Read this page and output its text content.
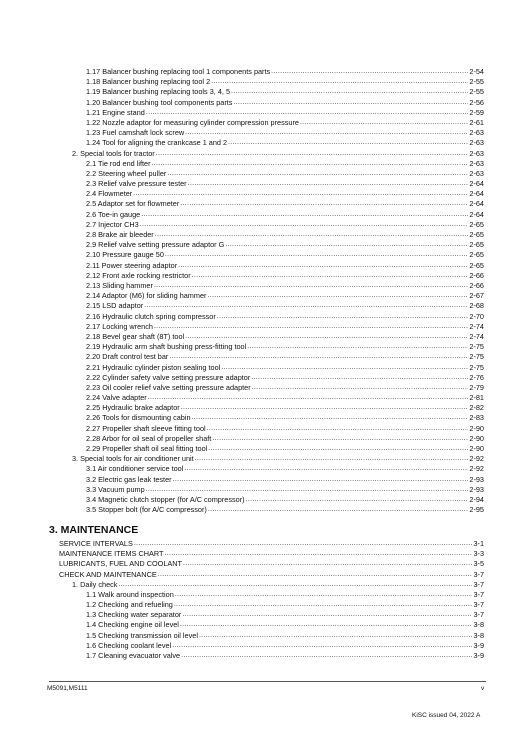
1.17 Balancer bushing replacing tool 1 components parts .....	2-54
1.18 Balancer bushing replacing tool 2 .....	2-55
1.19 Balancer bushing replacing tools 3, 4, 5 .....	2-55
1.20 Balancer bushing tool components parts .....	2-56
1.21 Engine stand .....	2-59
1.22 Nozzle adaptor for measuring cylinder compression pressure .....	2-61
1.23 Fuel camshaft lock screw .....	2-63
1.24 Tool for aligning the crankcase 1 and 2 .....	2-63
2. Special tools for tractor .....	2-63
2.1 Tie rod end lifter .....	2-63
2.2 Steering wheel puller .....	2-63
2.3 Relief valve pressure tester .....	2-64
2.4 Flowmeter .....	2-64
2.5 Adaptor set for flowmeter .....	2-64
2.6 Toe-in gauge .....	2-64
2.7 Injector CH3 .....	2-65
2.8 Brake air bleeder .....	2-65
2.9 Relief valve setting pressure adaptor G .....	2-65
2.10 Pressure gauge 50 .....	2-65
2.11 Power steering adaptor .....	2-65
2.12 Front axle rocking restrictor .....	2-66
2.13 Sliding hammer .....	2-66
2.14 Adaptor (M6) for sliding hammer .....	2-67
2.15 LSD adaptor .....	2-68
2.16 Hydraulic clutch spring compressor .....	2-70
2.17 Locking wrench .....	2-74
2.18 Bevel gear shaft (8T) tool .....	2-74
2.19 Hydraulic arm shaft bushing press-fitting tool .....	2-75
2.20 Draft control test bar .....	2-75
2.21 Hydraulic cylinder piston sealing tool .....	2-75
2.22 Cylinder safety valve setting pressure adaptor .....	2-76
2.23 Oil cooler relief valve setting pressure adapter .....	2-79
2.24 Valve adapter .....	2-81
2.25 Hydraulic brake adaptor .....	2-82
2.26 Tools for dismounting cabin .....	2-83
2.27 Propeller shaft sleeve fitting tool .....	2-90
2.28 Arbor for oil seal of propeller shaft .....	2-90
2.29 Propeller shaft oil seal fitting tool .....	2-90
3. Special tools for air conditioner unit .....	2-92
3.1 Air conditioner service tool .....	2-92
3.2 Electric gas leak tester .....	2-93
3.3 Vacuum pump .....	2-93
3.4 Magnetic clutch stopper (for A/C compressor) .....	2-94
3.5 Stopper bolt (for A/C compressor) .....	2-95
3. MAINTENANCE
SERVICE INTERVALS .....	3-1
MAINTENANCE ITEMS CHART .....	3-3
LUBRICANTS, FUEL AND COOLANT .....	3-5
CHECK AND MAINTENANCE .....	3-7
1. Daily check .....	3-7
1.1 Walk around inspection .....	3-7
1.2 Checking and refueling .....	3-7
1.3 Checking water separator .....	3-7
1.4 Checking engine oil level .....	3-8
1.5 Checking transmission oil level .....	3-8
1.6 Checking coolant level .....	3-9
1.7 Cleaning evacuator valve .....	3-9
M5091,M5111	v
KiSC issued 04, 2022 A
